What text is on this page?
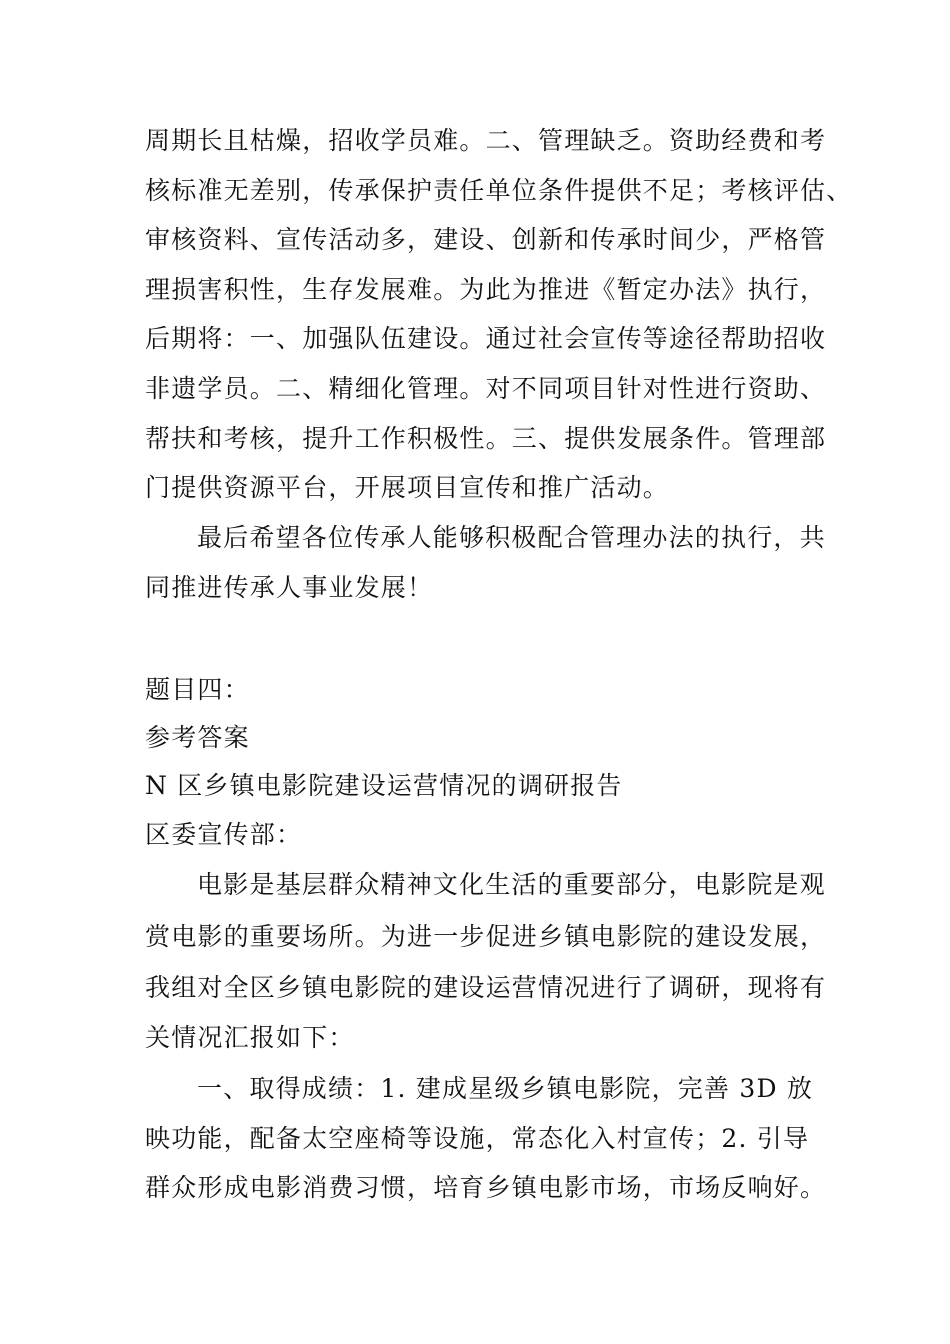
周期长且枯燥，招收学员难。二、管理缺乏。资助经费和考

核标准无差别，传承保护责任单位条件提供不足；考核评估、

审核资料、宣传活动多，建设、创新和传承时间少，严格管

理损害积性，生存发展难。为此为推进《暂定办法》执行，

后期将：一、加强队伍建设。通过社会宣传等途径帮助招收

非遗学员。二、精细化管理。对不同项目针对性进行资助、

帮扶和考核，提升工作积极性。三、提供发展条件。管理部

门提供资源平台，开展项目宣传和推广活动。

最后希望各位传承人能够积极配合管理办法的执行，共

同推进传承人事业发展！

题目四：

参考答案

N 区乡镇电影院建设运营情况的调研报告

区委宣传部：

电影是基层群众精神文化生活的重要部分，电影院是观

赏电影的重要场所。为进一步促进乡镇电影院的建设发展，

我组对全区乡镇电影院的建设运营情况进行了调研，现将有

关情况汇报如下：

一、取得成绩：1. 建成星级乡镇电影院，完善 3D 放

映功能，配备太空座椅等设施，常态化入村宣传；2. 引导

群众形成电影消费习惯，培育乡镇电影市场，市场反响好。
